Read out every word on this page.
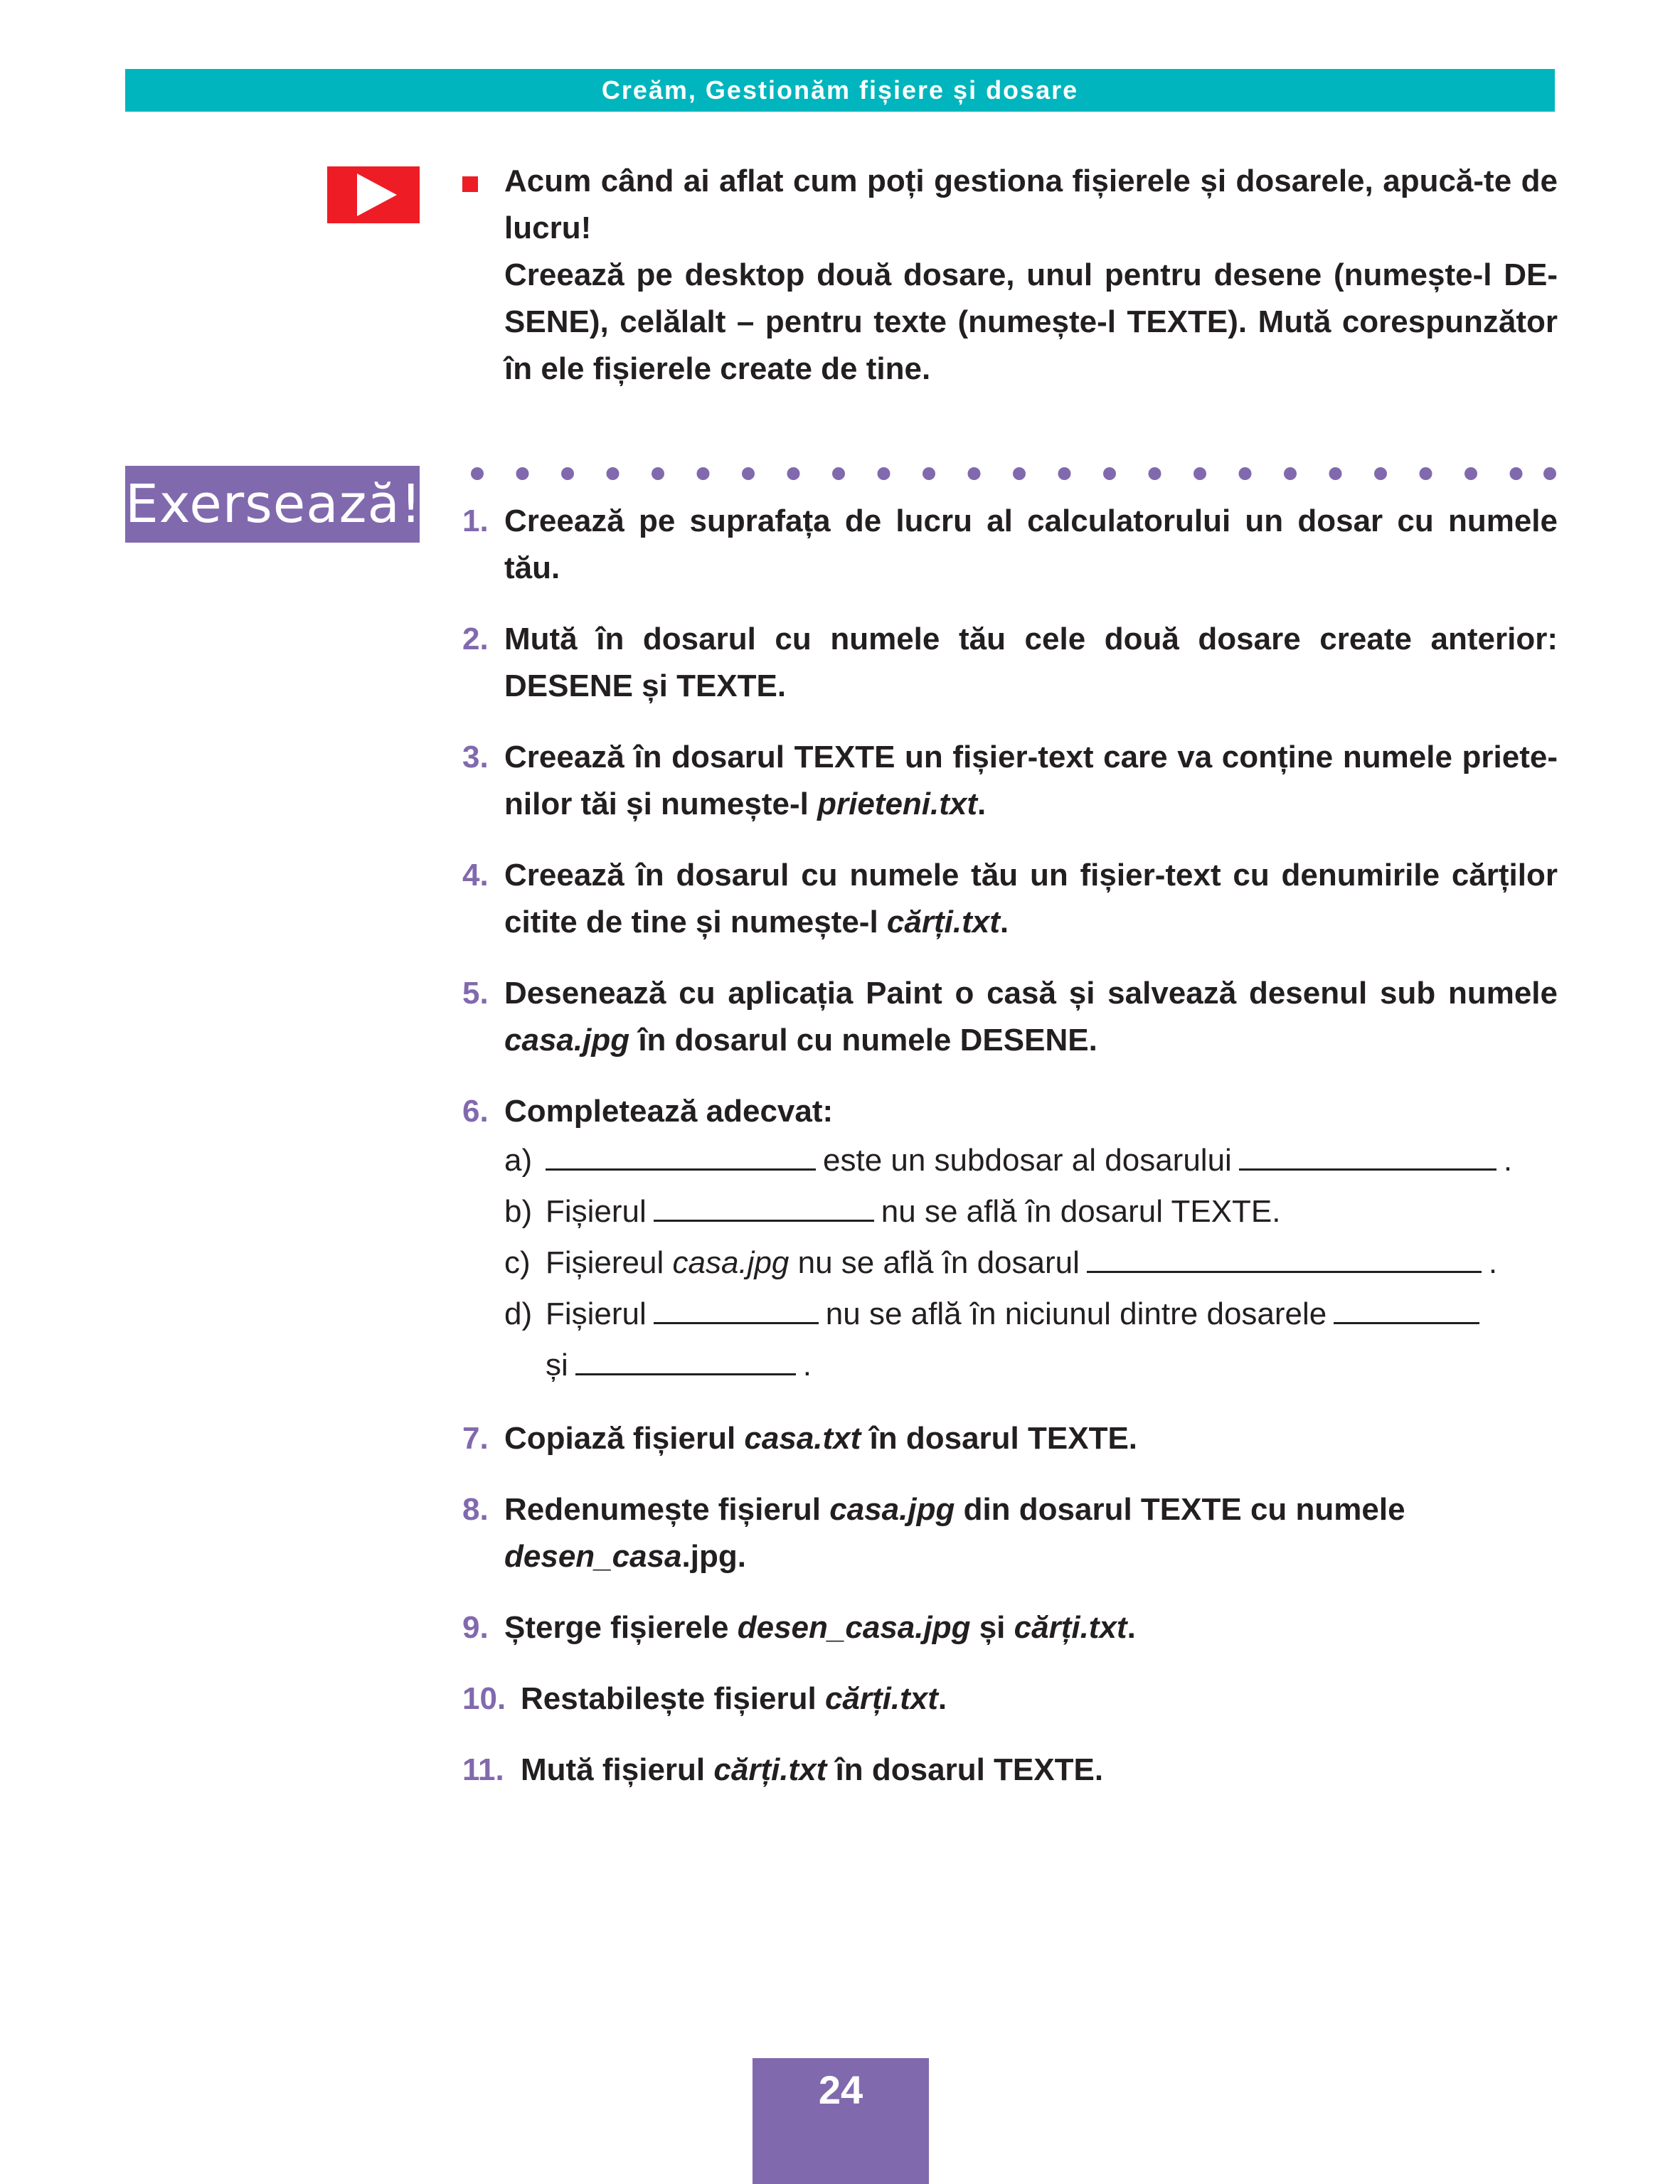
Creăm, Gestionăm fișiere și dosare
Acum când ai aflat cum poți gestiona fișierele și dosarele, apucă-te de lucru!
Creează pe desktop două dosare, unul pentru desene (numește-l DE-SENE), celălalt – pentru texte (numește-l TEXTE). Mută corespunzător în ele fișierele create de tine.
Exersează! 1. Creează pe suprafața de lucru al calculatorului un dosar cu numele tău.
2. Mută în dosarul cu numele tău cele două dosare create anterior: DESENE și TEXTE.
3. Creează în dosarul TEXTE un fișier-text care va conține numele priete-nilor tăi și numește-l prieteni.txt.
4. Creează în dosarul cu numele tău un fișier-text cu denumirile cărților citite de tine și numește-l cărți.txt.
5. Desenează cu aplicația Paint o casă și salvează desenul sub numele casa.jpg în dosarul cu numele DESENE.
6. Completează adecvat:
a)	este un subdosar al dosarului	.
b) Fișierul	nu se află în dosarul TEXTE.
c) Fișiereul casa.jpg nu se află în dosarul	.
d) Fișierul	nu se află în niciunul dintre dosarele
și	.
7. Copiază fișierul casa.txt în dosarul TEXTE.
8. Redenumește fișierul casa.jpg din dosarul TEXTE cu numele
desen_casa.jpg.
9. Șterge fișierele desen_casa.jpg și cărți.txt.
10. Restabilește fișierul cărți.txt.
11. Mută fișierul cărți.txt în dosarul TEXTE.
24
